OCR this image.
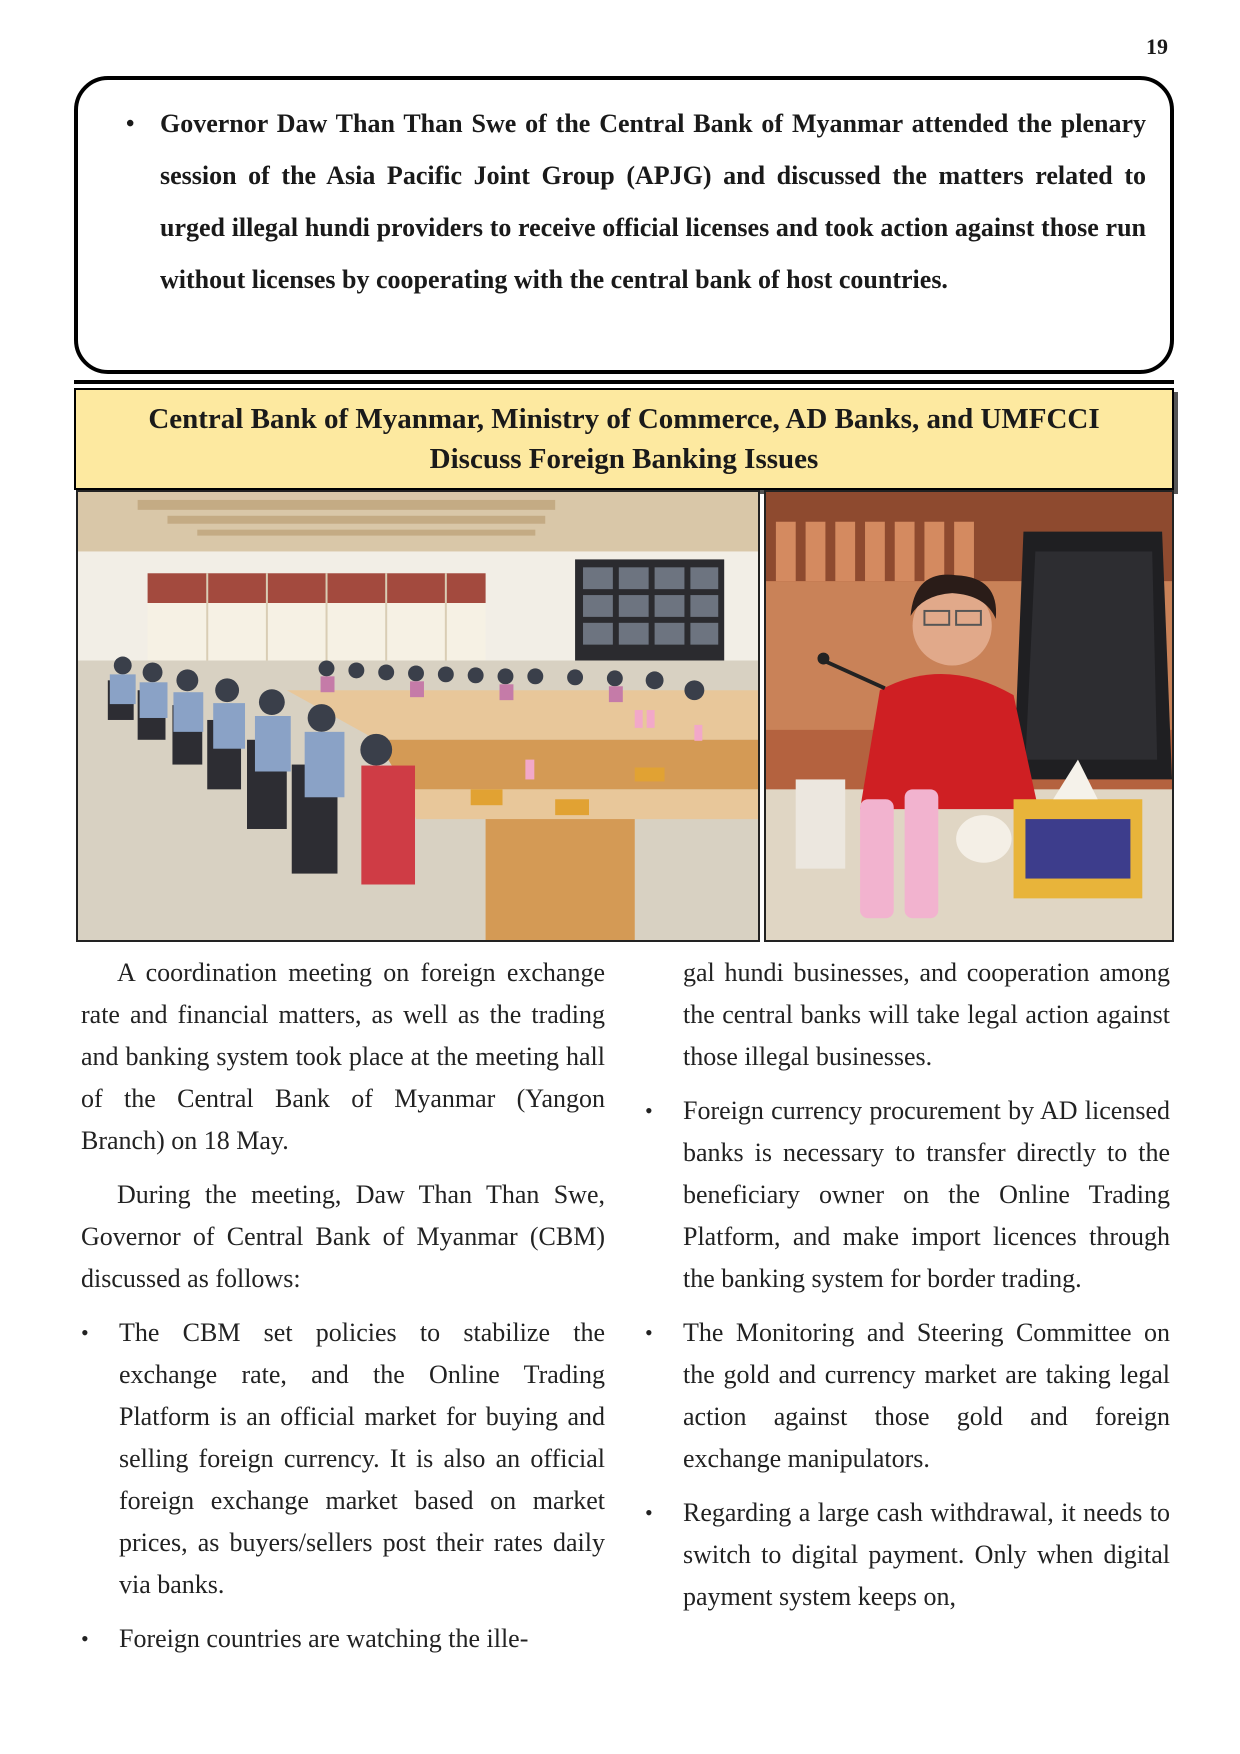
19
• Governor Daw Than Than Swe of the Central Bank of Myanmar attended the plenary session of the Asia Pacific Joint Group (APJG) and discussed the matters related to urged illegal hundi providers to receive official licenses and took action against those run without licenses by cooperating with the central bank of host countries.
Central Bank of Myanmar, Ministry of Commerce, AD Banks, and UMFCCI
Discuss Foreign Banking Issues

A coordination meeting on foreign exchange rate and financial matters, as well as the trading and banking system took place at the meeting hall of the Central Bank of Myanmar (Yangon Branch) on 18 May.

During the meeting, Daw Than Than Swe, Governor of Central Bank of Myanmar (CBM) discussed as follows:

• The CBM set policies to stabilize the exchange rate, and the Online Trading Platform is an official market for buying and selling foreign currency. It is also an official foreign exchange market based on market prices, as buyers/sellers post their rates daily via banks.
• Foreign countries are watching the ille-

gal hundi businesses, and cooperation among the central banks will take legal action against those illegal businesses.

• Foreign currency procurement by AD licensed banks is necessary to transfer directly to the beneficiary owner on the Online Trading Platform, and make import licences through the banking system for border trading.
• The Monitoring and Steering Committee on the gold and currency market are taking legal action against those gold and foreign exchange manipulators.
• Regarding a large cash withdrawal, it needs to switch to digital payment. Only when digital payment system keeps on,
